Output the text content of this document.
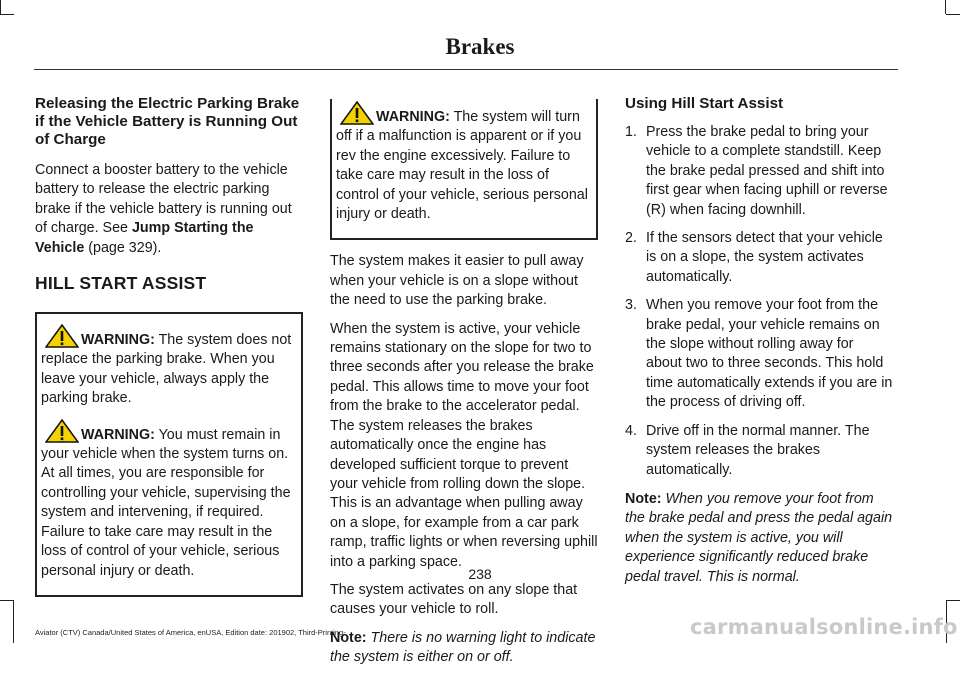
Brakes
Releasing the Electric Parking Brake if the Vehicle Battery is Running Out of Charge

Connect a booster battery to the vehicle battery to release the electric parking brake if the vehicle battery is running out of charge. See Jump Starting the Vehicle (page 329).

HILL START ASSIST
WARNING: The system does not replace the parking brake. When you leave your vehicle, always apply the parking brake.
WARNING: You must remain in your vehicle when the system turns on. At all times, you are responsible for controlling your vehicle, supervising the system and intervening, if required. Failure to take care may result in the loss of control of your vehicle, serious personal injury or death.
WARNING: The system will turn off if a malfunction is apparent or if you rev the engine excessively. Failure to take care may result in the loss of control of your vehicle, serious personal injury or death.

The system makes it easier to pull away when your vehicle is on a slope without the need to use the parking brake.

When the system is active, your vehicle remains stationary on the slope for two to three seconds after you release the brake pedal. This allows time to move your foot from the brake to the accelerator pedal. The system releases the brakes automatically once the engine has developed sufficient torque to prevent your vehicle from rolling down the slope. This is an advantage when pulling away on a slope, for example from a car park ramp, traffic lights or when reversing uphill into a parking space.

The system activates on any slope that causes your vehicle to roll.

Note: There is no warning light to indicate the system is either on or off.

Using Hill Start Assist
1. Press the brake pedal to bring your vehicle to a complete standstill. Keep the brake pedal pressed and shift into first gear when facing uphill or reverse (R) when facing downhill.
2. If the sensors detect that your vehicle is on a slope, the system activates automatically.
3. When you remove your foot from the brake pedal, your vehicle remains on the slope without rolling away for about two to three seconds. This hold time automatically extends if you are in the process of driving off.
4. Drive off in the normal manner. The system releases the brakes automatically.

Note: When you remove your foot from the brake pedal and press the pedal again when the system is active, you will experience significantly reduced brake pedal travel. This is normal.

238
Aviator (CTV) Canada/United States of America, enUSA, Edition date: 201902, Third-Printing-	carmanualsonline.info
